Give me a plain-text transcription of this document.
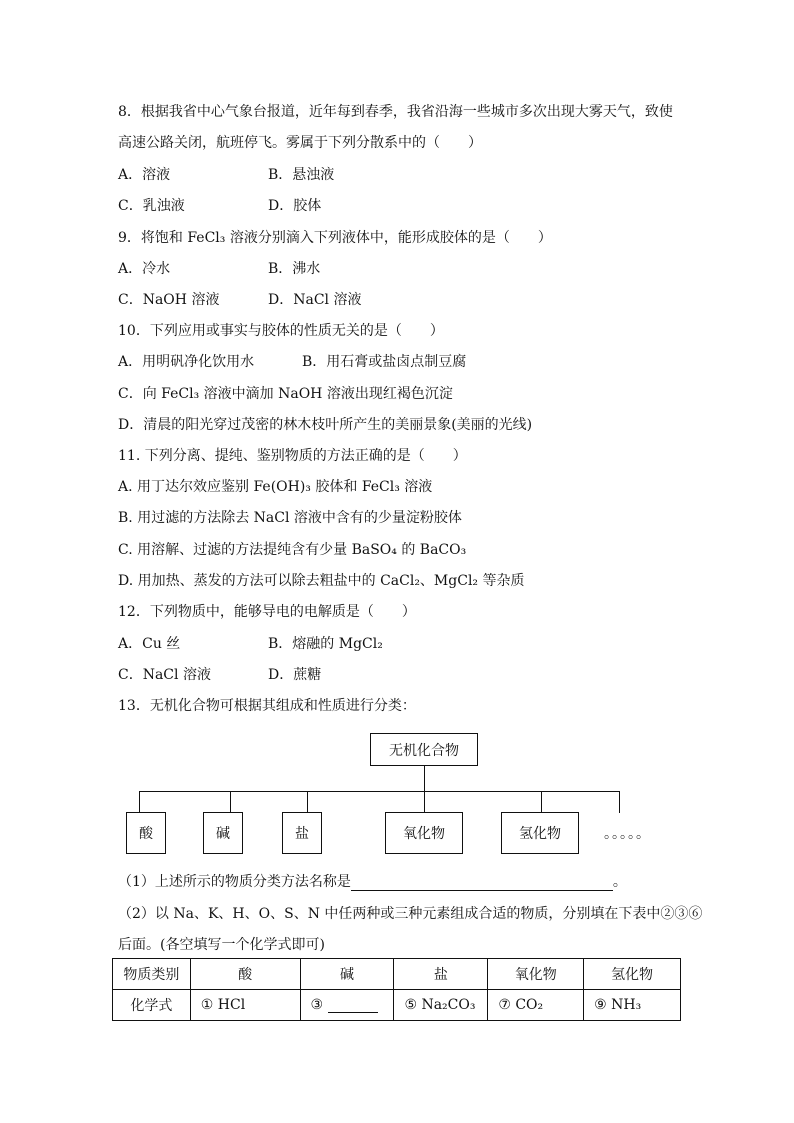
8．根据我省中心气象台报道，近年每到春季，我省沿海一些城市多次出现大雾天气，致使
高速公路关闭，航班停飞。雾属于下列分散系中的（　　）
A．溶液	B．悬浊液
C．乳浊液	D．胶体
9．将饱和 FeCl₃ 溶液分别滴入下列液体中，能形成胶体的是（　　）
A．冷水	B．沸水
C．NaOH 溶液	D．NaCl 溶液
10．下列应用或事实与胶体的性质无关的是（　　）
A．用明矾净化饮用水	B．用石膏或盐卤点制豆腐
C．向 FeCl₃ 溶液中滴加 NaOH 溶液出现红褐色沉淀
D．清晨的阳光穿过茂密的林木枝叶所产生的美丽景象(美丽的光线)
11. 下列分离、提纯、鉴别物质的方法正确的是（　　）
A. 用丁达尔效应鉴别 Fe(OH)₃ 胶体和 FeCl₃ 溶液
B. 用过滤的方法除去 NaCl 溶液中含有的少量淀粉胶体
C. 用溶解、过滤的方法提纯含有少量 BaSO₄ 的 BaCO₃
D. 用加热、蒸发的方法可以除去粗盐中的 CaCl₂、MgCl₂ 等杂质
12．下列物质中，能够导电的电解质是（　　）
A．Cu 丝	B．熔融的 MgCl₂
C．NaCl 溶液	D．蔗糖
13．无机化合物可根据其组成和性质进行分类：
无机化合物
酸	碱	盐	氧化物	氢化物	。。。。。
（1）上述所示的物质分类方法名称是	。
（2）以 Na、K、H、O、S、N 中任两种或三种元素组成合适的物质，分别填在下表中②③⑥
后面。(各空填写一个化学式即可)
物质类别	酸	碱	盐	氧化物	氢化物
化学式	① HCl	③	⑤ Na₂CO₃	⑦ CO₂	⑨ NH₃
